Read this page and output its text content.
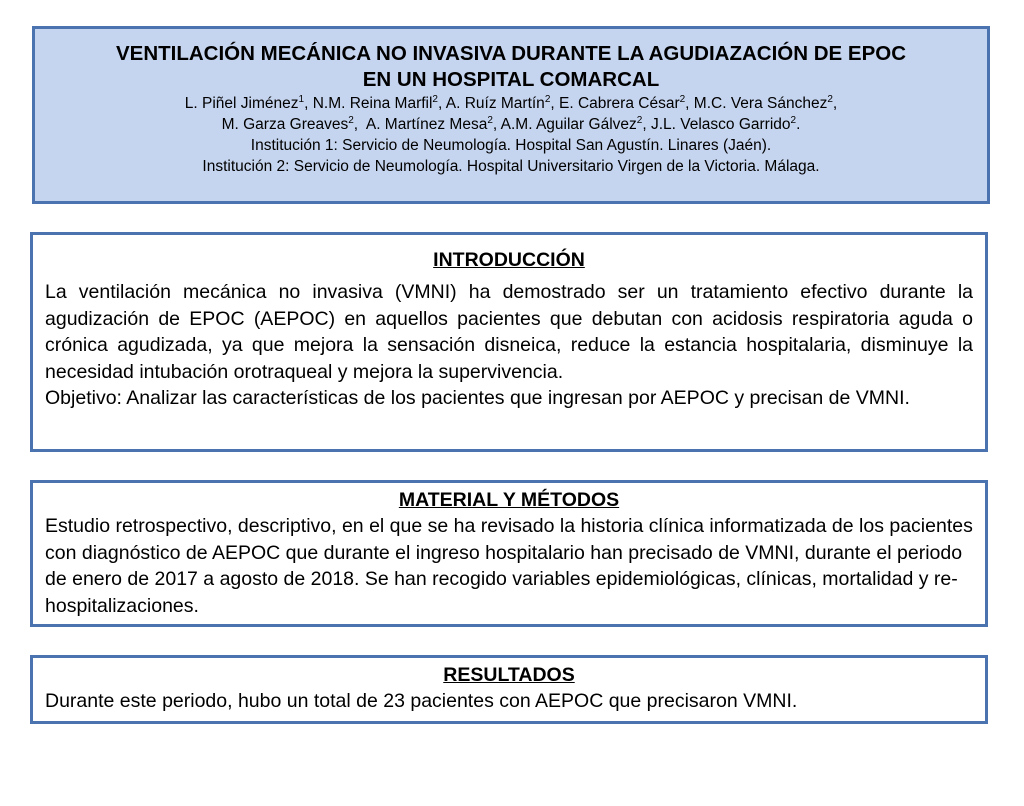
VENTILACIÓN MECÁNICA NO INVASIVA DURANTE LA AGUDIAZACIÓN DE EPOC
EN UN HOSPITAL COMARCAL
L. Piñel Jiménez$^1$, N.M. Reina Marfil$^2$, A. Ruíz Martín$^2$, E. Cabrera César$^2$, M.C. Vera Sánchez$^2$,
M. Garza Greaves$^2$,  A. Martínez Mesa$^2$, A.M. Aguilar Gálvez$^2$, J.L. Velasco Garrido$^2$.
Institución 1: Servicio de Neumología. Hospital San Agustín. Linares (Jaén).
Institución 2: Servicio de Neumología. Hospital Universitario Virgen de la Victoria. Málaga.
INTRODUCCIÓN

La ventilación mecánica no invasiva (VMNI) ha demostrado ser un tratamiento efectivo durante la agudización de EPOC (AEPOC) en aquellos pacientes que debutan con acidosis respiratoria aguda o crónica agudizada, ya que mejora la sensación disneica, reduce la estancia hospitalaria, disminuye la necesidad intubación orotraqueal y mejora la supervivencia.

Objetivo: Analizar las características de los pacientes que ingresan por AEPOC y precisan de VMNI.

MATERIAL Y MÉTODOS

Estudio retrospectivo, descriptivo, en el que se ha revisado la historia clínica informatizada de los pacientes con diagnóstico de AEPOC que durante el ingreso hospitalario han precisado de VMNI, durante el periodo de enero de 2017 a agosto de 2018. Se han recogido variables epidemiológicas, clínicas, mortalidad y re-hospitalizaciones.

RESULTADOS

Durante este periodo, hubo un total de 23 pacientes con AEPOC que precisaron VMNI.
